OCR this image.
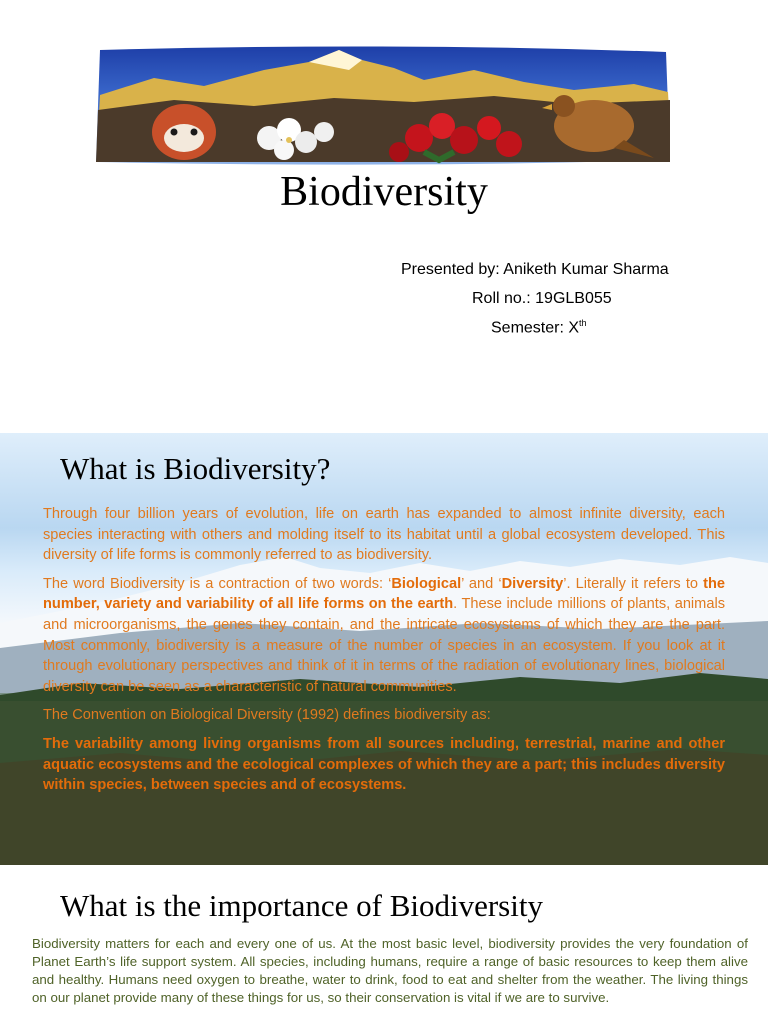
Biodiversity
Presented by: Aniketh Kumar Sharma
Roll no.: 19GLB055
Semester: Xth
What is Biodiversity?

Through four billion years of evolution, life on earth has expanded to almost infinite diversity, each species interacting with others and molding itself to its habitat until a global ecosystem developed. This diversity of life forms is commonly referred to as biodiversity.

The word Biodiversity is a contraction of two words: ‘Biological’ and ‘Diversity’. Literally it refers to the number, variety and variability of all life forms on the earth. These include millions of plants, animals and microorganisms, the genes they contain, and the intricate ecosystems of which they are the part. Most commonly, biodiversity is a measure of the number of species in an ecosystem. If you look at it through evolutionary perspectives and think of it in terms of the radiation of evolutionary lines, biological diversity can be seen as a characteristic of natural communities.

The Convention on Biological Diversity (1992) defines biodiversity as:

The variability among living organisms from all sources including, terrestrial, marine and other aquatic ecosystems and the ecological complexes of which they are a part; this includes diversity within species, between species and of ecosystems.

What is the importance of Biodiversity
Biodiversity matters for each and every one of us. At the most basic level, biodiversity provides the very foundation of Planet Earth’s life support system. All species, including humans, require a range of basic resources to keep them alive and healthy. Humans need oxygen to breathe, water to drink, food to eat and shelter from the weather. The living things on our planet provide many of these things for us, so their conservation is vital if we are to survive.
